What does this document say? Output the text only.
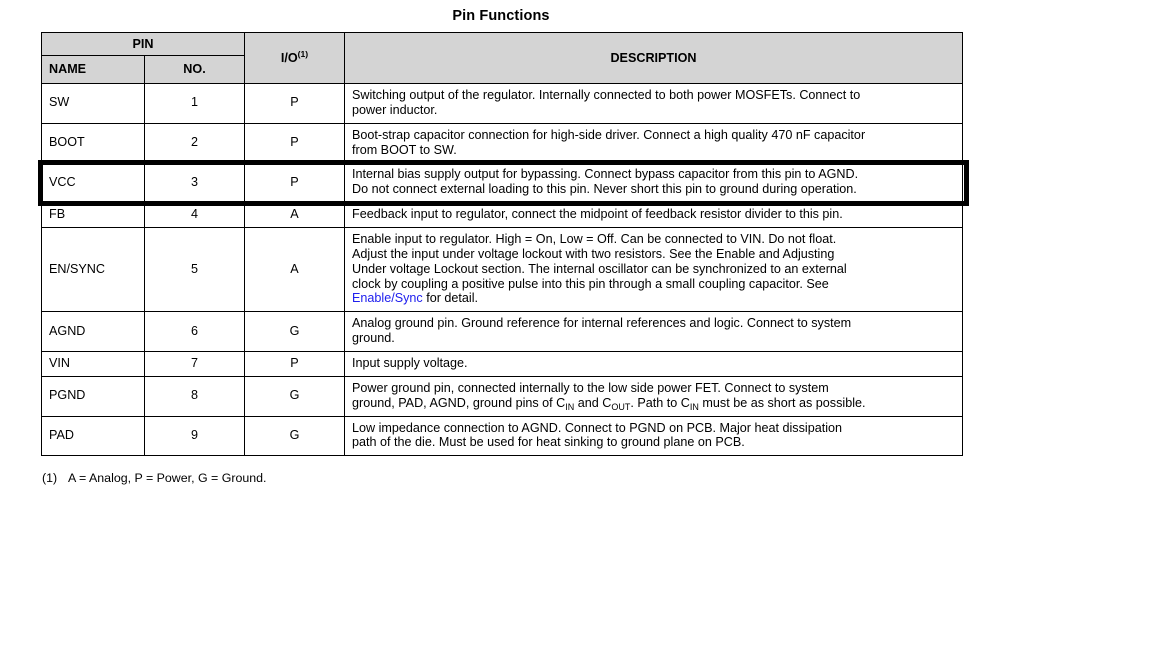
Pin Functions
PIN		$I/O^{(1)}$	DESCRIPTION
NAME	NO.		
SW	1	P	Switching output of the regulator. Internally connected to both power MOSFETs. Connect to
power inductor.

BOOT	2	P	Boot-strap capacitor connection for high-side driver. Connect a high quality 470 nF capacitor
from BOOT to SW.

VCC	3	P	Internal bias supply output for bypassing. Connect bypass capacitor from this pin to AGND.
Do not connect external loading to this pin. Never short this pin to ground during operation.

FB	4	A	Feedback input to regulator, connect the midpoint of feedback resistor divider to this pin.

EN/SYNC	5	A	Enable input to regulator. High = On, Low = Off. Can be connected to VIN. Do not float.
Adjust the input under voltage lockout with two resistors. See the Enable and Adjusting
Under voltage Lockout section. The internal oscillator can be synchronized to an external
clock by coupling a positive pulse into this pin through a small coupling capacitor. See
Enable/Sync for detail.

AGND	6	G	Analog ground pin. Ground reference for internal references and logic. Connect to system
ground.

VIN	7	P	Input supply voltage.

PGND	8	G	Power ground pin, connected internally to the low side power FET. Connect to system
ground, PAD, AGND, ground pins of $C_{IN}$ and $C_{OUT}$. Path to $C_{IN}$ must be as short as possible.

PAD	9	G	Low impedance connection to AGND. Connect to PGND on PCB. Major heat dissipation
path of the die. Must be used for heat sinking to ground plane on PCB.
(1) A = Analog, P = Power, G = Ground.
